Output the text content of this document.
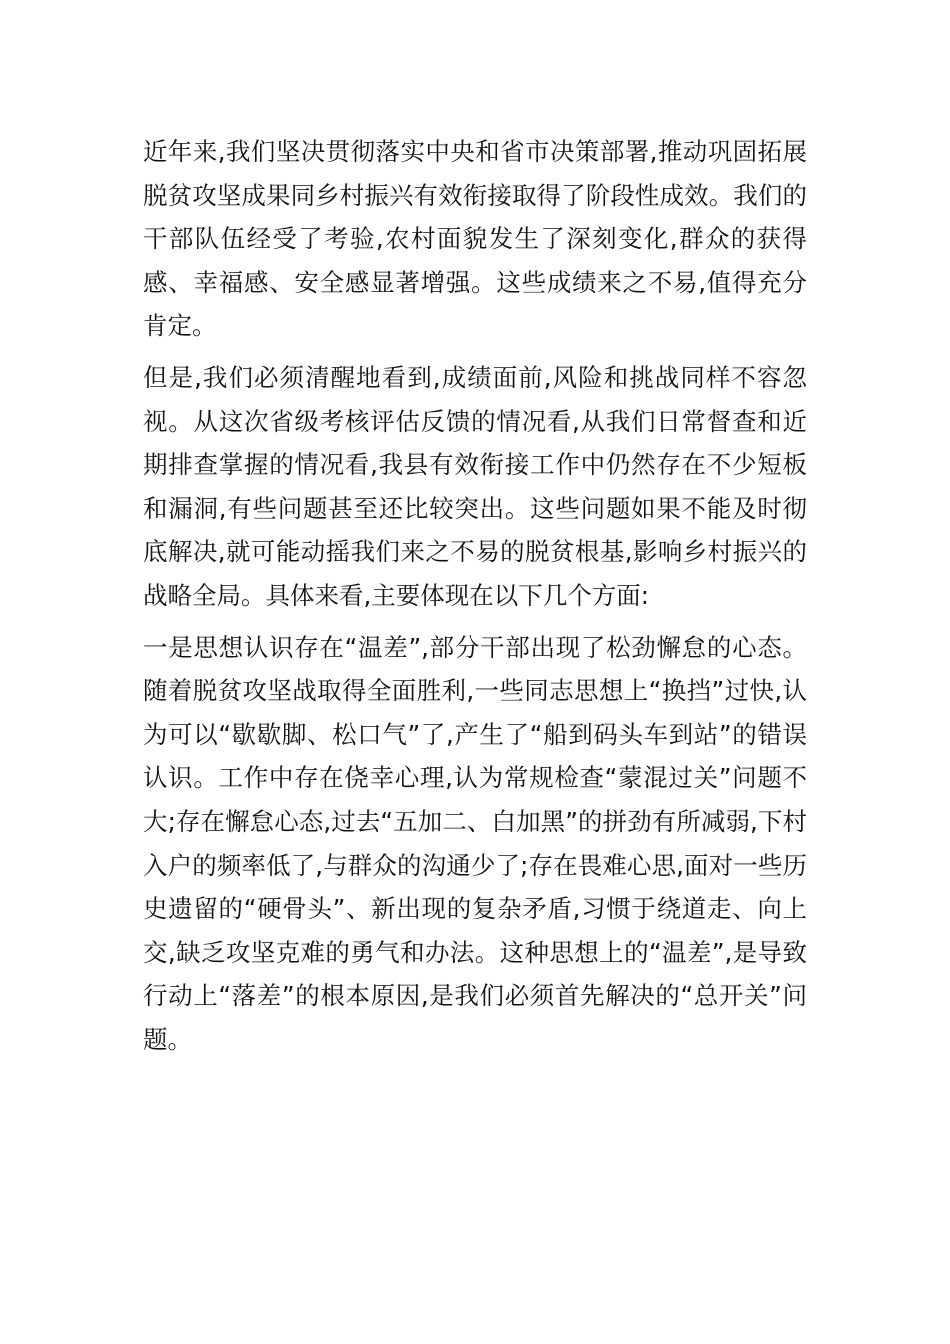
近年来,我们坚决贯彻落实中央和省市决策部署,推动巩固拓展脱贫攻坚成果同乡村振兴有效衔接取得了阶段性成效。我们的干部队伍经受了考验,农村面貌发生了深刻变化,群众的获得感、幸福感、安全感显著增强。这些成绩来之不易,值得充分肯定。

但是,我们必须清醒地看到,成绩面前,风险和挑战同样不容忽视。从这次省级考核评估反馈的情况看,从我们日常督查和近期排查掌握的情况看,我县有效衔接工作中仍然存在不少短板和漏洞,有些问题甚至还比较突出。这些问题如果不能及时彻底解决,就可能动摇我们来之不易的脱贫根基,影响乡村振兴的战略全局。具体来看,主要体现在以下几个方面:

一是思想认识存在“温差”,部分干部出现了松劲懈怠的心态。随着脱贫攻坚战取得全面胜利,一些同志思想上“换挡”过快,认为可以“歇歇脚、松口气”了,产生了“船到码头车到站”的错误认识。工作中存在侥幸心理,认为常规检查“蒙混过关”问题不大;存在懈怠心态,过去“五加二、白加黑”的拼劲有所减弱,下村入户的频率低了,与群众的沟通少了;存在畏难心思,面对一些历史遗留的“硬骨头”、新出现的复杂矛盾,习惯于绕道走、向上交,缺乏攻坚克难的勇气和办法。这种思想上的“温差”,是导致行动上“落差”的根本原因,是我们必须首先解决的“总开关”问题。
